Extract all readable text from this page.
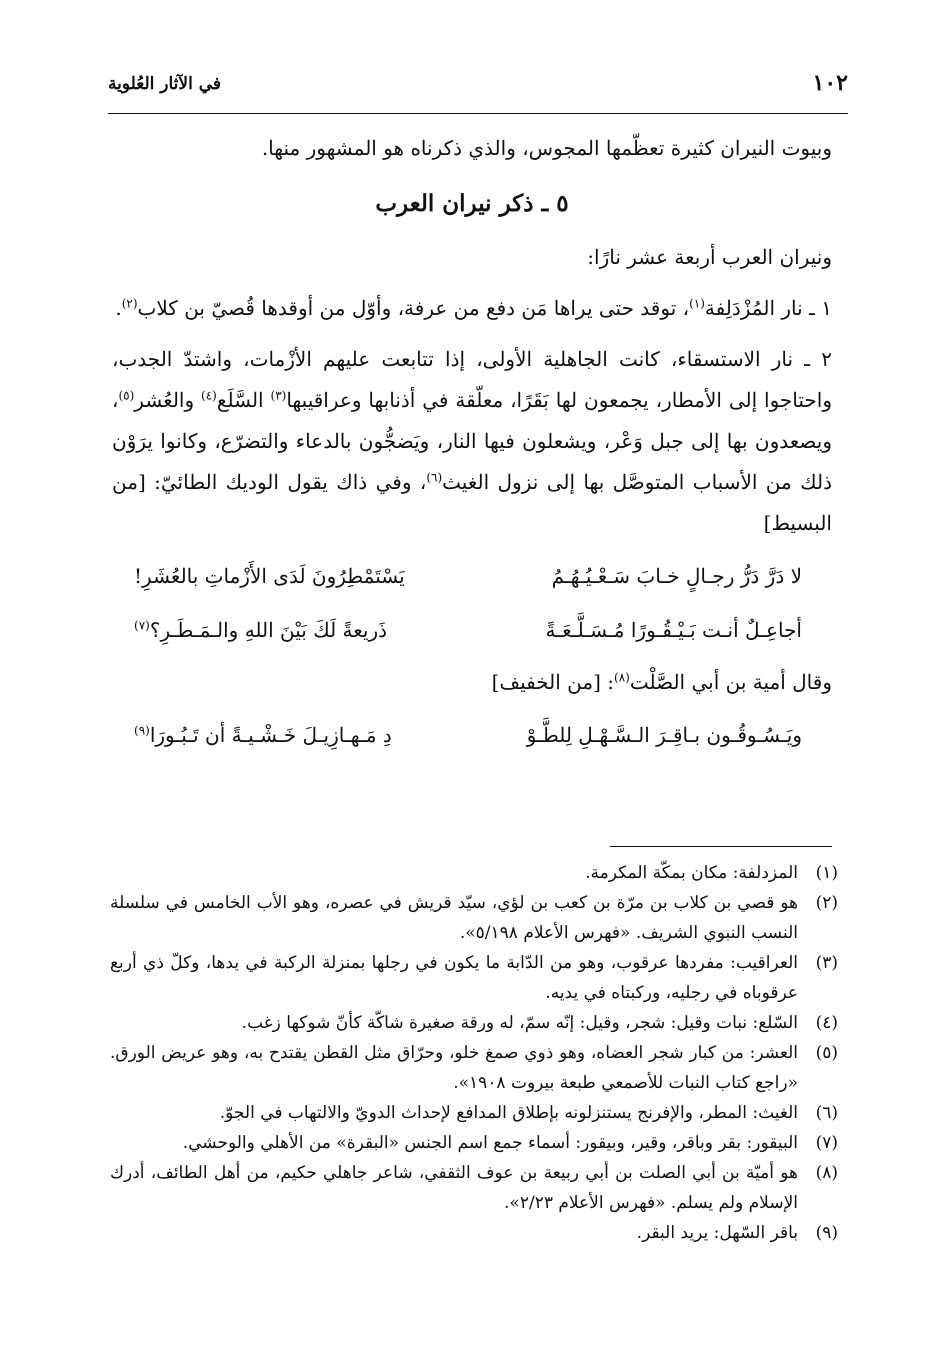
١٠٢
في الآثار العُلوية

وبيوت النيران كثيرة تعظّمها المجوس، والذي ذكرناه هو المشهور منها.

٥ ـ ذكر نيران العرب

ونيران العرب أربعة عشر نارًا:

١ ـ نار المُزْدَلِفة$^{(١)}$، توقد حتى يراها مَن دفع من عرفة، وأوّل من أوقدها قُصيّ بن كلاب$^{(٢)}$.

٢ ـ نار الاستسقاء، كانت الجاهلية الأولى، إذا تتابعت عليهم الأزْمات، واشتدّ الجدب، واحتاجوا إلى الأمطار، يجمعون لها بَقَرًا، معلّقة في أذنابها وعراقيبها$^{(٣)}$ السَّلَع$^{(٤)}$ والعُشر$^{(٥)}$، ويصعدون بها إلى جبل وَعْر، ويشعلون فيها النار، ويَضجُّون بالدعاء والتضرّع، وكانوا يرَوْن ذلك من الأسباب المتوصَّل بها إلى نزول الغيث$^{(٦)}$، وفي ذاك يقول الوديك الطائيّ: [من البسيط]

لا دَرَّ دَرُّ رجـالٍ خـابَ سَـعْـيُـهُـمُ
يَسْتَمْطِرُونَ لَدَى الأَزْماتِ بالعُشَرِ!
أجاعِـلٌ أنـت بَـيْـقُـورًا مُـسَـلَّـعَـةً
ذَريعةً لَكَ بَيْنَ اللهِ والـمَـطَـرِ؟$^{(٧)}$

وقال أمية بن أبي الصَّلْت$^{(٨)}$: [من الخفيف]

ويَـسُـوقُـون بـاقِـرَ الـسَّـهْـلِ لِلطَّـوْ
دِ مَـهـازِيـلَ خَـشْـيـةً أن تَـبُـورَا$^{(٩)}$
(١)
المزدلفة: مكان بمكّة المكرمة.
(٢)
هو قصي بن كلاب بن مرّة بن كعب بن لؤي، سيّد قريش في عصره، وهو الأب الخامس في سلسلة النسب النبوي الشريف. «فهرس الأعلام ٥/١٩٨».
(٣)
العراقيب: مفردها عرقوب، وهو من الدّابة ما يكون في رجلها بمنزلة الركبة في يدها، وكلّ ذي أربع عرقوباه في رجليه، وركبتاه في يديه.
(٤)
السّلع: نبات وقيل: شجر، وقيل: إنّه سمّ، له ورقة صغيرة شاكّة كأنّ شوكها زغب.
(٥)
العشر: من كبار شجر العضاه، وهو ذوي صمغ خلو، وحرّاق مثل القطن يقتدح به، وهو عريض الورق. «راجع كتاب النبات للأصمعي طبعة بيروت ١٩٠٨».
(٦)
الغيث: المطر، والإفرنج يستنزلونه بإطلاق المدافع لإحداث الدويّ والالتهاب في الجوّ.
(٧)
البيقور: بقر وباقر، وقير، وبيقور: أسماء جمع اسم الجنس «البقرة» من الأهلي والوحشي.
(٨)
هو أميّة بن أبي الصلت بن أبي ربيعة بن عوف الثقفي، شاعر جاهلي حكيم، من أهل الطائف، أدرك الإسلام ولم يسلم. «فهرس الأعلام ٢/٢٣».
(٩)
باقر السّهل: يريد البقر.
